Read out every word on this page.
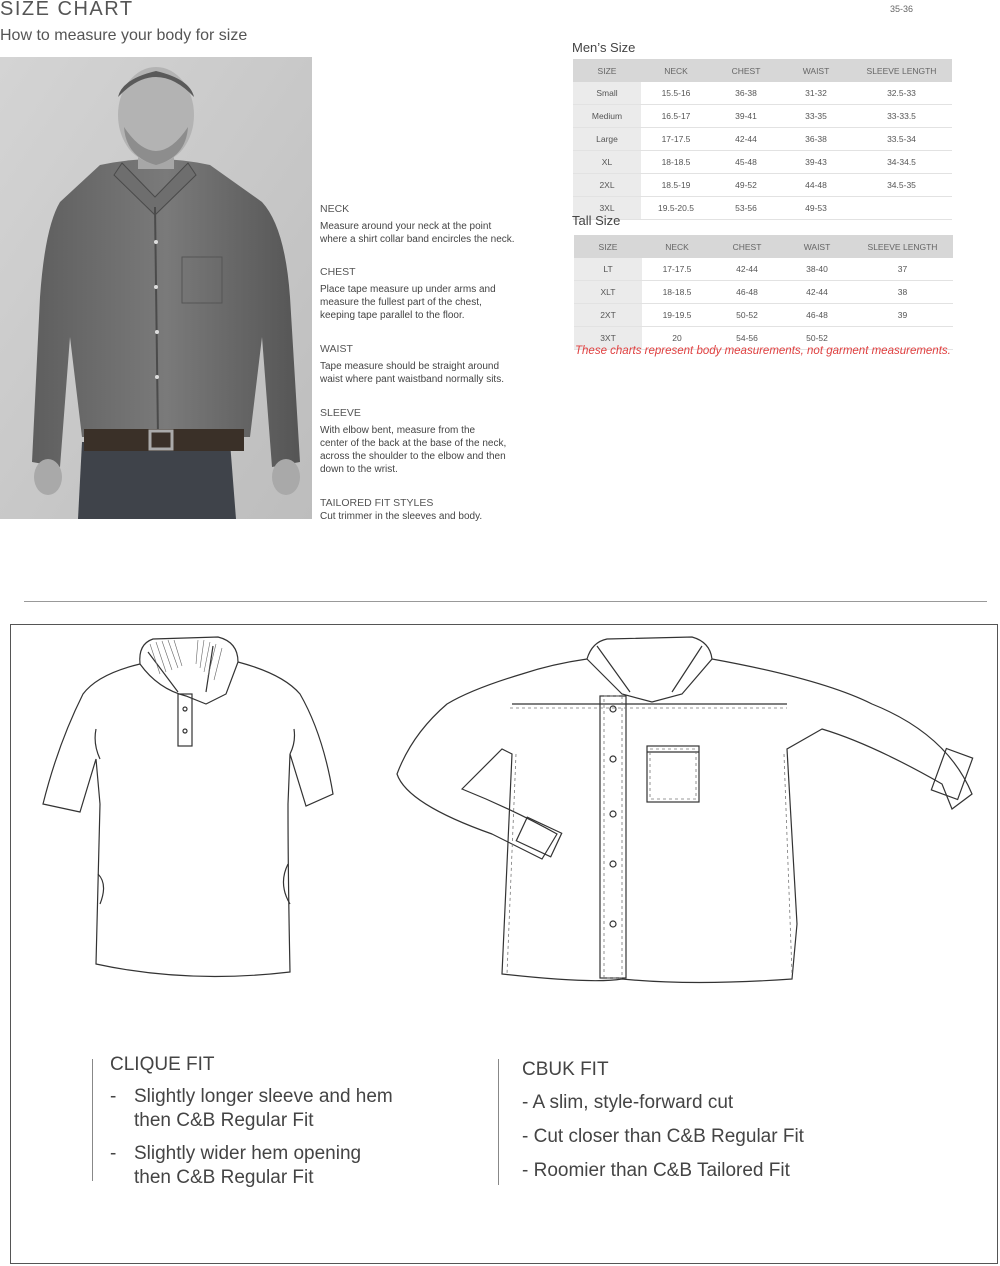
SIZE CHART
How to measure your body for size
35-36
NECK
Measure around your neck at the point
where a shirt collar band encircles the neck.
CHEST
Place tape measure up under arms and
measure the fullest part of the chest,
keeping tape parallel to the floor.
WAIST
Tape measure should be straight around
waist where pant waistband normally sits.
SLEEVE
With elbow bent, measure from the
center of the back at the base of the neck,
across the shoulder to the elbow and then
down to the wrist.
TAILORED FIT STYLES
Cut trimmer in the sleeves and body.
Men’s Size
SIZE	NECK	CHEST	WAIST	SLEEVE LENGTH
Small	15.5-16	36-38	31-32	32.5-33
Medium	16.5-17	39-41	33-35	33-33.5
Large	17-17.5	42-44	36-38	33.5-34
XL	18-18.5	45-48	39-43	34-34.5
2XL	18.5-19	49-52	44-48	34.5-35
3XL	19.5-20.5	53-56	49-53	
Tall Size
SIZE	NECK	CHEST	WAIST	SLEEVE LENGTH
LT	17-17.5	42-44	38-40	37
XLT	18-18.5	46-48	42-44	38
2XT	19-19.5	50-52	46-48	39
3XT	20	54-56	50-52	
These charts represent body measurements, not garment measurements.
CLIQUE FIT
- Slightly longer sleeve and hem
then C&B Regular Fit
- Slightly wider hem opening
then C&B Regular Fit
CBUK FIT
- A slim, style-forward cut
- Cut closer than C&B Regular Fit
- Roomier than C&B Tailored Fit
